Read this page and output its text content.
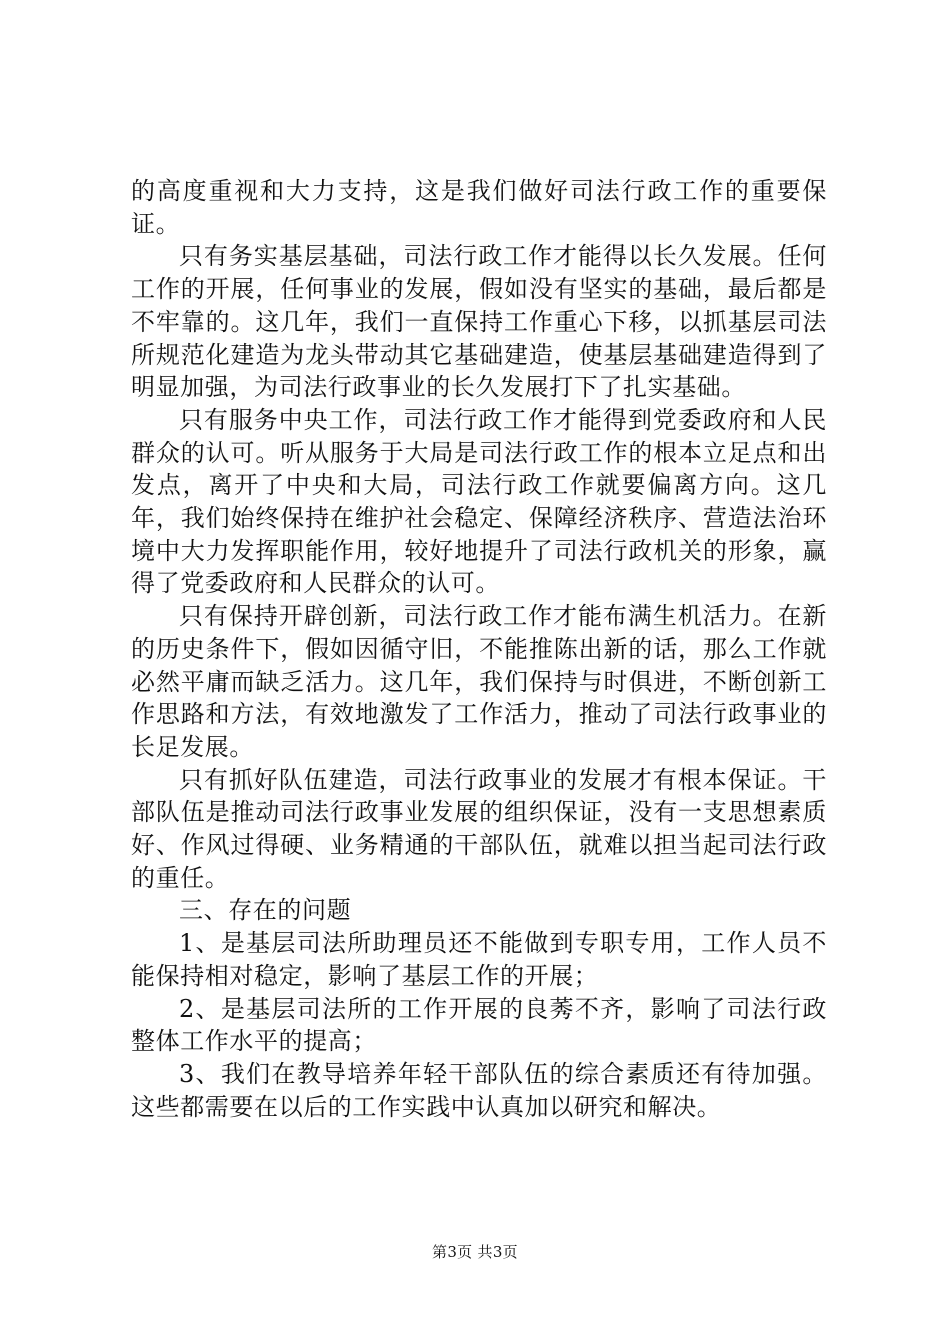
的高度重视和大力支持，这是我们做好司法行政工作的重要保证。

只有务实基层基础，司法行政工作才能得以长久发展。任何工作的开展，任何事业的发展，假如没有坚实的基础，最后都是不牢靠的。这几年，我们一直保持工作重心下移，以抓基层司法所规范化建造为龙头带动其它基础建造，使基层基础建造得到了明显加强，为司法行政事业的长久发展打下了扎实基础。

只有服务中央工作，司法行政工作才能得到党委政府和人民群众的认可。听从服务于大局是司法行政工作的根本立足点和出发点，离开了中央和大局，司法行政工作就要偏离方向。这几年，我们始终保持在维护社会稳定、保障经济秩序、营造法治环境中大力发挥职能作用，较好地提升了司法行政机关的形象，赢得了党委政府和人民群众的认可。

只有保持开辟创新，司法行政工作才能布满生机活力。在新的历史条件下，假如因循守旧，不能推陈出新的话，那么工作就必然平庸而缺乏活力。这几年，我们保持与时俱进，不断创新工作思路和方法，有效地激发了工作活力，推动了司法行政事业的长足发展。

只有抓好队伍建造，司法行政事业的发展才有根本保证。干部队伍是推动司法行政事业发展的组织保证，没有一支思想素质好、作风过得硬、业务精通的干部队伍，就难以担当起司法行政的重任。

三、存在的问题

1、是基层司法所助理员还不能做到专职专用，工作人员不能保持相对稳定，影响了基层工作的开展；

2、是基层司法所的工作开展的良莠不齐，影响了司法行政整体工作水平的提高；

3、我们在教导培养年轻干部队伍的综合素质还有待加强。这些都需要在以后的工作实践中认真加以研究和解决。

第3页 共3页
